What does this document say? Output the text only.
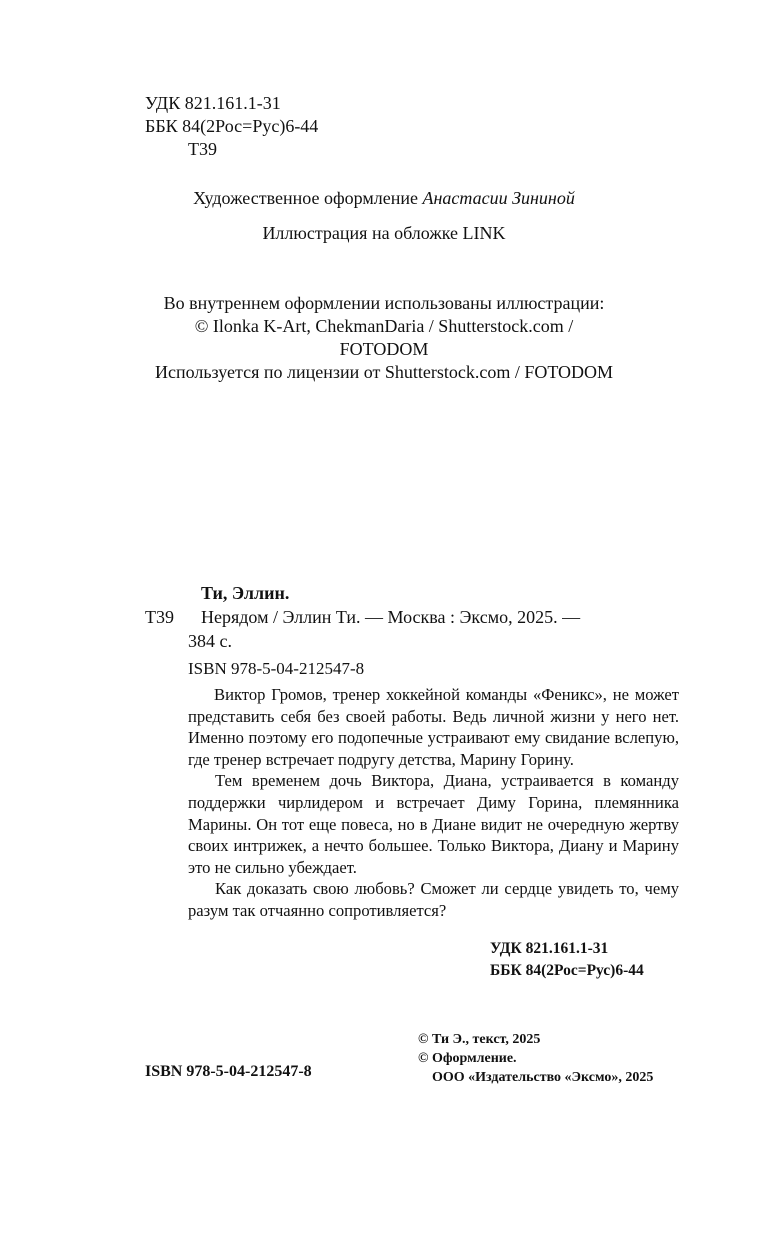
УДК 821.161.1-31
ББК 84(2Рос=Рус)6-44
Т39
Художественное оформление Анастасии Зининой
Иллюстрация на обложке LINK
Во внутреннем оформлении использованы иллюстрации:
© Ilonka K-Art, ChekmanDaria / Shutterstock.com /
FOTODOM
Используется по лицензии от Shutterstock.com / FOTODOM
Ти, Эллин.
Т39 Нерядом / Эллин Ти. — Москва : Эксмо, 2025. —
384 с.
ISBN 978-5-04-212547-8

Виктор Громов, тренер хоккейной команды «Феникс», не может представить себя без своей работы. Ведь личной жизни у него нет. Именно поэтому его подопечные устраивают ему свидание вслепую, где тренер встречает подругу детства, Марину Горину.

Тем временем дочь Виктора, Диана, устраивается в команду поддержки чирлидером и встречает Диму Горина, племянника Марины. Он тот еще повеса, но в Диане видит не очередную жертву своих интрижек, а нечто большее. Только Виктора, Диану и Марину это не сильно убеждает.

Как доказать свою любовь? Сможет ли сердце увидеть то, чему разум так отчаянно сопротивляется?

УДК 821.161.1-31
ББК 84(2Рос=Рус)6-44
ISBN 978-5-04-212547-8
© Ти Э., текст, 2025
© Оформление.
ООО «Издательство «Эксмо», 2025
